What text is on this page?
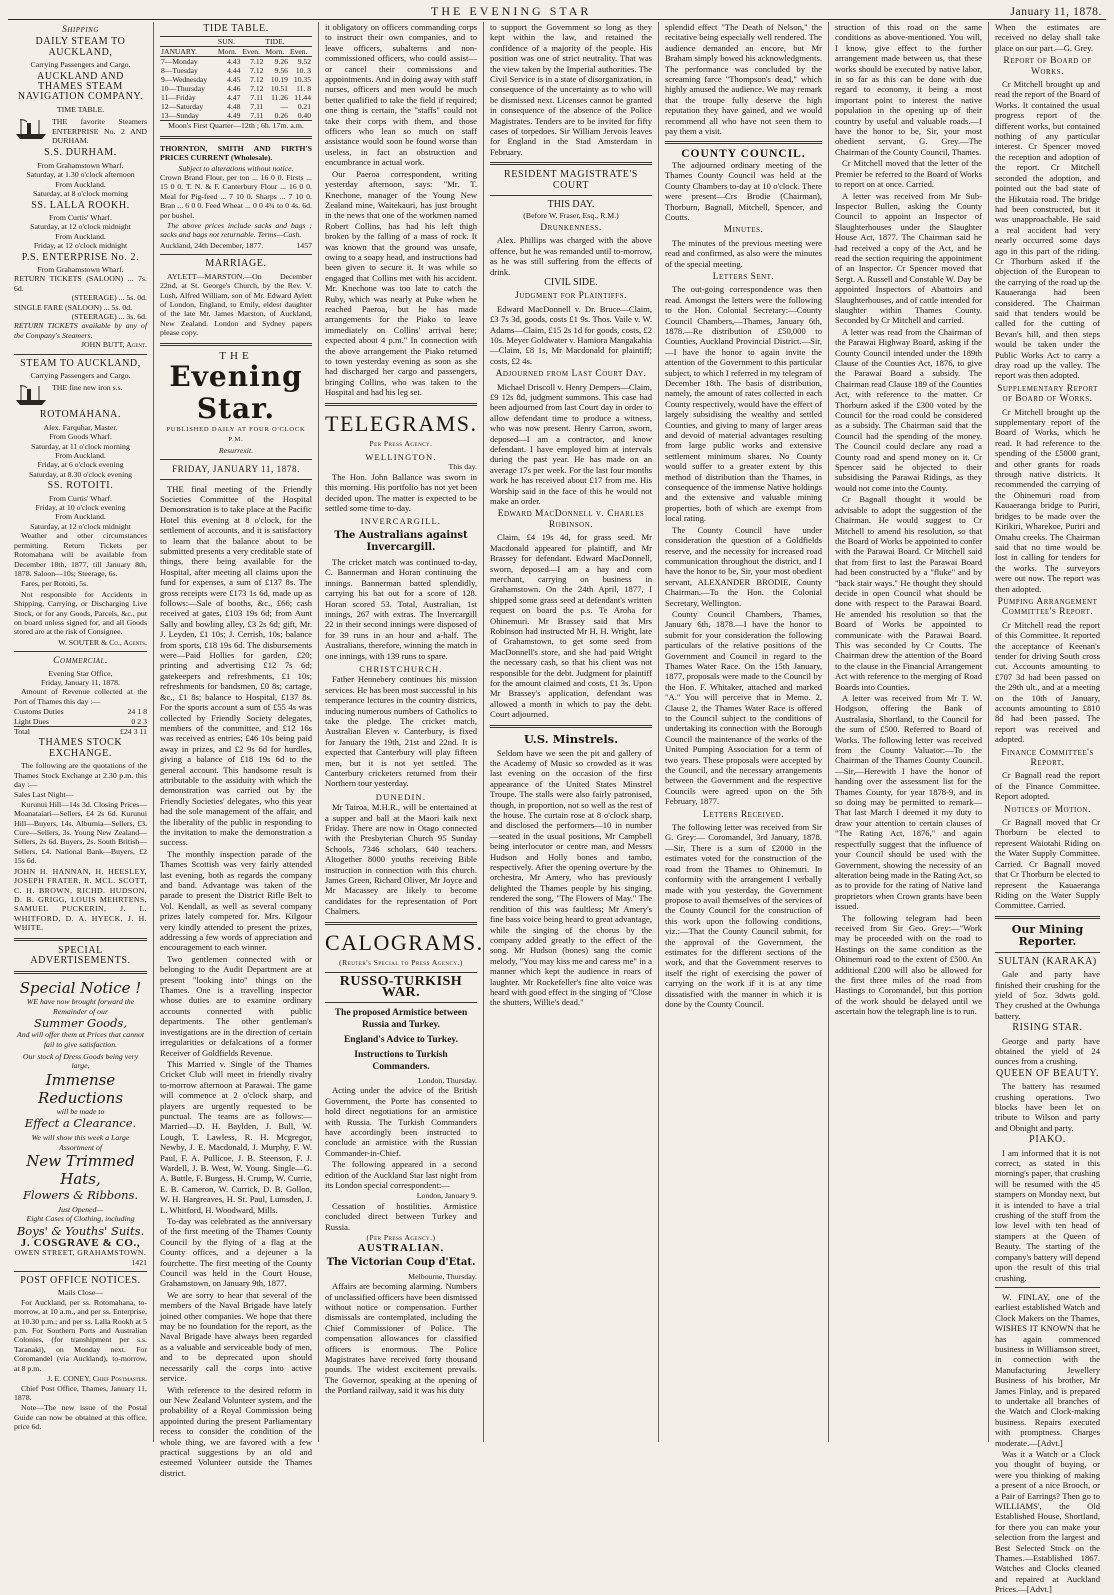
THE EVENING STAR	January 11, 1878.
Shipping
DAILY STEAM TO AUCKLAND,
Carrying Passengers and Cargo.
AUCKLAND AND THAMES STEAM NAVIGATION COMPANY.
TIME TABLE.
THE favorite Steamers ENTERPRISE No. 2 AND DURHAM.
S.S. DURHAM.
From Grahamstown Wharf.
Saturday, at 1.30 o'clock afternoon
From Auckland.
Saturday, at 8 o'clock morning
SS. LALLA ROOKH.
From Curtis' Wharf.
Saturday, at 12 o'clock midnight
From Auckland.
Friday, at 12 o'clock midnight
P.S. ENTERPRISE No. 2.
From Grahamstown Wharf.
RETURN TICKETS (SALOON) ... 7s. 6d.
(STEERAGE) ... 5s. 0d.
SINGLE FARE (SALOON) ... 5s. 0d.
(STEERAGE) ... 3s. 6d.
RETURN TICKETS available by any of the Company's Steamers.
JOHN BUTT, Agent.
STEAM TO AUCKLAND,
Carrying Passengers and Cargo.
THE fine new iron s.s.
ROTOMAHANA.
Alex. Farquhar, Master.
From Goods Wharf.
Saturday, at 11 o'clock morning
From Auckland.
Friday, at 6 o'clock evening
Saturday, at 8.30 o'clock evening
SS. ROTOITI.
From Curtis' Wharf.
Friday, at 10 o'clock evening
From Auckland.
Saturday, at 12 o'clock midnight

Weather and other circumstances permitting. Return Tickets per Rotomahana will be available from December 18th, 1877, till January 8th, 1878. Saloon—10s; Steerage, 6s.

Fares, per Rotoiti, 5s.

Not responsible for Accidents in Shipping, Carrying, or Discharging Live Stock, or for any Goods, Parcels, &c., put on board unless signed for, and all Goods stored are at the risk of Consignee.

W. SOUTER & Co., Agents.
Commercial.
Evening Star Office,
Friday, January 11, 1878.

Amount of Revenue collected at the Port of Thames this day :—

Customs Duties	24 1 8
Light Dues	0 2 3
Total	£24 3 11
THAMES STOCK EXCHANGE.

The following are the quotations of the Thames Stock Exchange at 2.30 p.m. this day :—

Sales Last Night—

Kurunui Hill—14s 3d. Closing Prices— Moanataiari—Sellers, £4 2s 6d. Kurunui Hill—Buyers, 14s. Alburnia—Sellers, £3. Cure—Sellers, 3s. Young New Zealand—Sellers, 2s 6d. Buyers, 2s. South British—Sellers, £4. National Bank—Buyers, £2 15s 6d.

JOHN H. HANNAN, H. HEESLEY, JOSEPH FRATER, R. MCL. SCOTT, C. H. BROWN, RICHD. HUDSON, D. B. GRIGG, LOUIS MEHRTENS, SAMUEL PUCKERIN, J. L. WHITFORD, D. A. HYECK, J. H. WHITE.

SPECIAL ADVERTISEMENTS.
Special Notice !
WE have now brought forward the Remainder of our
Summer Goods,
And will offer them at Prices that cannot fail to give satisfaction.
Our stock of Dress Goods being very large,
Immense Reductions
will be made to
Effect a Clearance.
We will show this week a Large Assortment of
New Trimmed Hats,
Flowers & Ribbons.
Just Opened—
Eight Cases of Clothing, including
Boys' & Youths' Suits.
J. COSGRAVE & CO.,
OWEN STREET, GRAHAMSTOWN.
1421
POST OFFICE NOTICES.
Mails Close—

For Auckland, per ss. Rotomahana, to-morrow, at 10 a.m., and per ss. Enterprise, at 10.30 p.m.; and per ss. Lalla Rookh at 5 p.m. For Southern Ports and Australian Colonies, (for transhipment per s.s. Taranaki), on Monday next. For Coromandel (via Auckland), to-morrow, at 8 p.m.

J. E. CONEY, Chief Postmaster.

Chief Post Office, Thames, January 11, 1878.

Note—The new issue of the Postal Guide can now be obtained at this office, price 6d.

TIDE TABLE.
	SUN.		TIDE.	
JANUARY.	Morn.	Even.	Morn.	Even.
7—Monday	4.43	7.12	9.26	9.52
8—Tuesday	4.44	7.12	9.56	10. 3
9—Wednesday	4.45	7.12	10.19	10.35
10—Thursday	4.46	7.12	10.51	11. 8
11—Friday	4.47	7.11	11.26	11.44
12—Saturday	4.48	7.11	—	0.21
13—Sunday	4.49	7.11	0.26	0.40
Moon's First Quarter—12th ; 6h. 17m. a.m.

THORNTON, SMITH AND FIRTH'S PRICES CURRENT (Wholesale).

Subject to alterations without notice.

Crown Brand Flour, per ton ... 16 0 0. Firsts ... 15 0 0. T. N. & F. Canterbury Flour ... 16 0 0. Meal for Pig-feed ... 7 10 0. Sharps ... 7 10 0. Bran ... 6 0 0. Feed Wheat ... 0 0 4¾ to 0 4s. 6d. per bushel.

The above prices include sacks and bags ; sacks and bags not returnable. Terms—Cash.

Auckland, 24th December, 1877.	1457
MARRIAGE.

AYLETT—MARSTON.—On December 22nd, at St. George's Church, by the Rev. V. Lush, Alfred William, son of Mr. Edward Aylett of London, England, to Emily, eldest daughter of the late Mr. James Marston, of Auckland, New Zealand. London and Sydney papers please copy.

THE
Evening Star.
PUBLISHED DAILY AT FOUR O'CLOCK P.M.
Resurrexit.
FRIDAY, JANUARY 11, 1878.

THE final meeting of the Friendly Societies Committee of the Hospital Demonstration is to take place at the Pacific Hotel this evening at 8 o'clock, for the settlement of accounts, and it is satisfactory to learn that the balance about to be submitted presents a very creditable state of things, there being available for the Hospital, after meeting all claims upon the fund for expenses, a sum of £137 8s. The gross receipts were £173 1s 6d, made up as follows:—Sale of booths, &c., £66; cash received at gates, £103 19s 6d; from Aunt Sally and bowling alley, £3 2s 6d; gift, Mr. J. Leyden, £1 10s; J. Cerrish, 10s; balance from sports, £18 19s 6d. The disbursements were—Paid Hollies for garden, £20; printing and advertising £12 7s 6d; gatekeepers and refreshments, £1 10s; refreshments for bandsmen, £0 8s; cartage, &c., £1 8s; balance to Hospital, £137 8s. For the sports account a sum of £55 4s was collected by Friendly Society delegates, members of the committee, and £12 16s was received as entries; £46 10s being paid away in prizes, and £2 9s 6d for hurdles, giving a balance of £18 19s 6d to the general account. This handsome result is attributable to the assiduity with which the demonstration was carried out by the Friendly Societies' delegates, who this year had the sole management of the affair, and the liberality of the public in responding to the invitation to make the demonstration a success.

The monthly inspection parade of the Thames Scottish was very fairly attended last evening, both as regards the company and band. Advantage was taken of the parade to present the District Rifle Belt to Vol. Kendall, as well as several company prizes lately competed for. Mrs. Kilgour very kindly attended to present the prizes, addressing a few words of appreciation and encouragement to each winner.

Two gentlemen connected with or belonging to the Audit Department are at present "looking into" things on the Thames. One is a travelling inspector whose duties are to examine ordinary accounts connected with public departments. The other gentleman's investigations are in the direction of certain irregularities or defalcations of a former Receiver of Goldfields Revenue.

This Married v. Single of the Thames Cricket Club will meet in friendly rivalry to-morrow afternoon at Parawai. The game will commence at 2 o'clock sharp, and players are urgently requested to be punctual. The teams are as follows:—Married—D. H. Baylden, J. Bull, W. Lough, T. Lawless, R. H. Mcgregor, Newby, J. E. Macdonald, J. Murphy, F. W. Paul, F. A. Pullicoe, J. B. Steenson, F. J. Wardell, J. B. West, W. Young. Single—G. A. Buttle, F. Burgess, H. Crump, W. Currie, E. B. Cameron, W. Currick, D. B. Gollon, W. H. Hargreaves, H. St. Paul, Lumsden, J. L. Whitford, H. Woodward, Mills.

To-day was celebrated as the anniversary of the first meeting of the Thames County Council by the flying of a flag at the County offices, and a dejeuner a la fourchette. The first meeting of the County Council was held in the Court House, Grahamstown, on January 9th, 1877.

We are sorry to hear that several of the members of the Naval Brigade have lately joined other companies. We hope that there may be no foundation for the report, as the Naval Brigade have always been regarded as a valuable and serviceable body of men, and to be deprecated upon should necessarily call the corps into active service.

With reference to the desired reform in our New Zealand Volunteer system, and the probability of a Royal Commission being appointed during the present Parliamentary recess to consider the condition of the whole thing, we are favored with a few practical suggestions by an old and esteemed Volunteer outside the Thames district.

it obligatory on officers commanding corps to instruct their own companies, and to leave officers, subalterns and non-commissioned officers, who could assist—or cancel their commissions and appointments. And in doing away with staff nurses, officers and men would be much better qualified to take the field if required; one thing is certain, the "staffs" could not take their corps with them, and those officers who lean so much on staff assistance would soon be found worse than useless, in fact an obstruction and encumbrance in actual work.

Our Paeroa correspondent, writing yesterday afternoon, says: "Mr. T. Knechone, manager of the Young New Zealand mine, Waitekauri, has just brought in the news that one of the workmen named Robert Collins, has had his left thigh broken by the falling of a mass of rock. It was known that the ground was unsafe, owing to a soapy head, and instructions had been given to secure it. It was while so engaged that Collins met with his accident. Mr. Knechone was too late to catch the Ruby, which was nearly at Puke when he reached Paeroa, but he has made arrangements for the Piako to leave immediately on Collins' arrival here; expected about 4 p.m." In connection with the above arrangement the Piako returned to town yesterday evening as soon as she had discharged her cargo and passengers, bringing Collins, who was taken to the Hospital and had his leg set.

TELEGRAMS.
Per Press Agency.
WELLINGTON.
This day.

The Hon. John Ballance was sworn in this morning. His portfolio has not yet been decided upon. The matter is expected to be settled some time to-day.

INVERCARGILL.
The Australians against Invercargill.

The cricket match was continued to-day, C. Bannerman and Horan continuing the innings. Bannerman batted splendidly, carrying his bat out for a score of 128. Horan scored 53. Total, Australian, 1st innings, 267 with extras. The Invercargill 22 in their second innings were disposed of for 39 runs in an hour and a-half. The Australians, therefore, winning the match in one innings, with 139 runs to spare.

CHRISTCHURCH.

Father Hennebery continues his mission services. He has been most successful in his temperance lectures in the country districts, inducing numerous numbers of Catholics to take the pledge. The cricket match, Australian Eleven v. Canterbury, is fixed for January the 19th, 21st and 22nd. It is expected that Canterbury will play fifteen men, but it is not yet settled. The Canterbury cricketers returned from their Northern tour yesterday.

DUNEDIN.

Mr Tairoa, M.H.R., will be entertained at a supper and ball at the Maori kaik next Friday. There are now in Otago connected with the Presbyterian Church 95 Sunday Schools, 7346 scholars, 640 teachers. Altogether 8000 youths receiving Bible instruction in connection with this church. James Green, Richard Oliver, Mr Joyce and Mr Macassey are likely to become candidates for the representation of Port Chalmers.

CALOGRAMS.
(Reuter's Special to Press Agency.)
RUSSO-TURKISH WAR.
The proposed Armistice between Russia and Turkey.
England's Advice to Turkey.
Instructions to Turkish Commanders.
London, Thursday.

Acting under the advice of the British Government, the Porte has consented to hold direct negotiations for an armistice with Russia. The Turkish Commanders have accordingly been instructed to conclude an armistice with the Russian Commander-in-Chief.

The following appeared in a second edition of the Auckland Star last night from its London special correspondent:—

London, January 9.

Cessation of hostilities. Armistice concluded direct between Turkey and Russia.

(Per Press Agency.)
AUSTRALIAN.
The Victorian Coup d'Etat.
Melbourne, Thursday.

Affairs are becoming alarming. Numbers of unclassified officers have been dismissed without notice or compensation. Further dismissals are contemplated, including the Chief Commissioner of Police. The compensation allowances for classified officers is enormous. The Police Magistrates have received forty thousand pounds. The widest excitement prevails. The Governor, speaking at the opening of the Portland railway, said it was his duty

to support the Government so long as they kept within the law, and retained the confidence of a majority of the people. His position was one of strict neutrality. That was the view taken by the Imperial authorities. The Civil Service is in a state of disorganization, in consequence of the uncertainty as to who will be dismissed next. Licenses cannot be granted in consequence of the absence of the Police Magistrates. Tenders are to be invited for fifty cases of torpedoes. Sir William Jervois leaves for England in the Stad Amsterdam in February.

RESIDENT MAGISTRATE'S COURT
THIS DAY.
(Before W. Fraser, Esq., R.M.)
Drunkenness.

Alex. Phillips was charged with the above offence, but he was remanded until to-morrow, as he was still suffering from the effects of drink.

CIVIL SIDE.
Judgment for Plaintiffs.

Edward MacDonnell v. Dr. Bruce—Claim, £3 7s 3d, goods, costs £1 9s. Thos. Vaile v. W. Adams—Claim, £15 2s 1d for goods, costs, £2 10s. Meyer Goldwater v. Hamiora Mangakahia—Claim, £8 1s, Mr Macdonald for plaintiff; costs, £2 4s.

Adjourned from Last Court Day.

Michael Driscoll v. Henry Dempers—Claim, £9 12s 8d, judgment summons. This case had been adjourned from last Court day in order to allow defendant time to produce a witness, who was now present. Henry Carron, sworn, deposed—I am a contractor, and know defendant. I have employed him at intervals during the past year. He has made on an average 17s per week. For the last four months work he has received about £17 from me. His Worship said in the face of this he would not make an order.

Edward MacDonnell v. Charles Robinson.

Claim, £4 19s 4d, for grass seed. Mr Macdonald appeared for plaintiff, and Mr Brassey for defendant. Edward MacDonnell, sworn, deposed—I am a hay and corn merchant, carrying on business in Grahamstown. On the 24th April, 1877, I shipped some grass seed at defendant's written request on board the p.s. Te Aroha for Ohinemuri. Mr Brassey said that Mrs Robinson had instructed Mr H. H. Wright, late of Grahamstown, to get some seed from MacDonnell's store, and she had paid Wright the necessary cash, so that his client was not responsible for the debt. Judgment for plaintiff for the amount claimed and costs, £1 3s. Upon Mr Brassey's application, defendant was allowed a month in which to pay the debt. Court adjourned.

U.S. Minstrels.

Seldom have we seen the pit and gallery of the Academy of Music so crowded as it was last evening on the occasion of the first appearance of the United States Minstrel Troupe. The stalls were also fairly patronised, though, in proportion, not so well as the rest of the house. The curtain rose at 8 o'clock sharp, and disclosed the performers—10 in number—seated in the usual positions, Mr Campbell being interlocutor or centre man, and Messrs Hudson and Holly bones and tambo, respectively. After the opening overture by the orchestra, Mr Amery, who has previously delighted the Thames people by his singing, rendered the song, "The Flowers of May." The rendition of this was faultless; Mr Amery's fine bass voice being heard to great advantage, while the singing of the chorus by the company added greatly to the effect of the song. Mr Hudson (bones) sang the comic melody, "You may kiss me and caress me" in a manner which kept the audience in roars of laughter. Mr Rockefeller's fine alto voice was heard with good effect in the singing of "Close the shutters, Willie's dead."

splendid effect "The Death of Nelson," the recitative being especially well rendered. The audience demanded an encore, but Mr Braham simply bowed his acknowledgments. The performance was concluded by the screaming farce "Thompson's dead," which highly amused the audience. We may remark that the troupe fully deserve the high reputation they have gained, and we would recommend all who have not seen them to pay them a visit.

COUNTY COUNCIL.

The adjourned ordinary meeting of the Thames County Council was held at the County Chambers to-day at 10 o'clock. There were present—Crs Brodie (Chairman), Thorburn, Bagnall, Mitchell, Spencer, and Coutts.

Minutes.

The minutes of the previous meeting were read and confirmed, as also were the minutes of the special meeting.

Letters Sent.

The out-going correspondence was then read. Amongst the letters were the following to the Hon. Colonial Secretary:—County Council Chambers,—Thames, January 6th, 1878.—Re distribution of £50,000 to Counties, Auckland Provincial District.—Sir,—I have the honor to again invite the attention of the Government to this particular subject, to which I referred in my telegram of December 18th. The basis of distribution, namely, the amount of rates collected in each County respectively, would have the effect of largely subsidising the wealthy and settled Counties, and giving to many of larger areas and devoid of material advantages resulting from large public works and extensive settlement minimum shares. No County would suffer to a greater extent by this method of distribution than the Thames, in consequence of the immense Native holdings and the extensive and valuable mining properties, both of which are exempt from local rating.

The County Council have under consideration the question of a Goldfields reserve, and the necessity for increased road communication throughout the district, and I have the honor to be, Sir, your most obedient servant, ALEXANDER BRODIE, County Chairman.—To the Hon. the Colonial Secretary, Wellington.

County Council Chambers, Thames, January 6th, 1878.—I have the honor to submit for your consideration the following particulars of the relative positions of the Government and Council in regard to the Thames Water Race. On the 15th January, 1877, proposals were made to the Council by the Hon. F. Whitaker, attached and marked "A." You will perceive that in Memo. 2, Clause 2, the Thames Water Race is offered to the Council subject to the conditions of undertaking its connection with the Borough Council the maintenance of the works of the United Pumping Association for a term of two years. These proposals were accepted by the Council, and the necessary arrangements between the Government and the respective Councils were agreed upon on the 5th February, 1877.

Letters Received.

The following letter was received from Sir G. Grey:— Coromandel, 3rd January, 1878.—Sir, There is a sum of £2000 in the estimates voted for the construction of the road from the Thames to Ohinemuri. In conformity with the arrangement I verbally made with you yesterday, the Government propose to avail themselves of the services of the County Council for the construction of this work upon the following conditions, viz.:—That the County Council submit, for the approval of the Government, the estimates for the different sections of the work, and that the Government reserves to itself the right of exercising the power of carrying on the work if it is at any time dissatisfied with the manner in which it is done by the County Council.

struction of this road on the same conditions as above-mentioned. You will, I know, give effect to the further arrangement made between us, that these works should be executed by native labor, in so far as this can be done with due regard to economy, it being a most important point to interest the native population in the opening up of their country by useful and valuable roads.—I have the honor to be, Sir, your most obedient servant, G. Grey.—The Chairman of the County Council, Thames.

Cr Mitchell moved that the letter of the Premier be referred to the Board of Works to report on at once. Carried.

A letter was received from Mr Sub-Inspector Bullen, asking the County Council to appoint an Inspector of Slaughterhouses under the Slaughter House Act, 1877. The Chairman said he had received a copy of the Act, and he read the section requiring the appointment of an Inspector. Cr Spencer moved that Sergt. A. Russell and Constable W. Day be appointed Inspectors of Abattoirs and Slaughterhouses, and of cattle intended for slaughter within Thames County. Seconded by Cr Mitchell and carried.

A letter was read from the Chairman of the Parawai Highway Board, asking if the County Council intended under the 189th Clause of the Counties Act, 1876, to give the Parawai Board a subsidy. The Chairman read Clause 189 of the Counties Act, with reference to the matter. Cr Thorburn asked if the £300 voted by the Council for the road could be considered as a subsidy. The Chairman said that the Council had the spending of the money. The Council could declare any road a County road and spend money on it. Cr Spencer said he objected to their subsidising the Parawai Ridings, as they would not come into the County.

Cr Bagnall thought it would be advisable to adopt the suggestion of the Chairman. He would suggest to Cr Mitchell to amend his resolution, so that the Board of Works be appointed to confer with the Parawai Board. Cr Mitchell said that from first to last the Parawai Board had been constructed by a "fluke" and by "back stair ways." He thought they should decide in open Council what should be done with respect to the Parawai Board. He amended his resolution so that the Board of Works be appointed to communicate with the Parawai Board. This was seconded by Cr Coutts. The Chairman drew the attention of the Board to the clause in the Financial Arrangement Act with reference to the merging of Road Boards into Counties.

A letter was received from Mr T. W. Hodgson, offering the Bank of Australasia, Shortland, to the Council for the sum of £500. Referred to Board of Works. The following letter was received from the County Valuator:—To the Chairman of the Thames County Council.—Sir,—Herewith I have the honor of handing over the assessment list for the Thames County, for year 1878-9, and in so doing may be permitted to remark—That last March I deemed it my duty to draw your attention to certain clauses of "The Rating Act, 1876," and again respectfully suggest that the influence of your Council should be used with the Government, showing the necessity of an alteration being made in the Rating Act, so as to provide for the rating of Native land proprietors when Crown grants have been issued.

The following telegram had been received from Sir Geo. Grey:—"Work may be proceeded with on the road to Hastings on the same condition as the Ohinemuri road to the extent of £500. An additional £200 will also be allowed for the first three miles of the road from Hastings to Coromandel, but this portion of the work should be delayed until we ascertain how the telegraph line is to run.

When the estimates are received no delay shall take place on our part.—G. Grey.

Report of Board of Works.

Cr Mitchell brought up and read the report of the Board of Works. It contained the usual progress report of the different works, but contained nothing of any particular interest. Cr Spencer moved the reception and adoption of the report. Cr Mitchell seconded the adoption, and pointed out the bad state of the Hikutaia road. The bridge had been constructed, but it was unapproachable. He said a real accident had very nearly occurred some days ago in this part of the riding. Cr Thorburn asked if the objection of the European to the carrying of the road up the Kauaeranga had been considered. The Chairman said that tenders would be called for the cutting of Bevan's hill, and then steps would be taken under the Public Works Act to carry a dray road up the valley. The report was then adopted.

Supplementary Report of Board of Works.

Cr Mitchell brought up the supplementary report of the Board of Works, which he read. It had reference to the spending of the £5000 grant, and other grants for roads through native districts. It recommended the carrying of the Ohinemuri road from Kauaeranga bridge to Puriri, bridges to be made over the Kirikiri, Wharekoe, Puriri and Omahu creeks. The Chairman said that no time would be lost in calling for tenders for the works. The surveyors were out now. The report was then adopted.

Pumping Arrangement Committee's Report.

Cr Mitchell read the report of this Committee. It reported the acceptance of Keenan's tender for driving South cross cut. Accounts amounting to £707 3d had been passed on the 29th ult., and at a meeting on the 10th of January, accounts amounting to £810 8d had been passed. The report was received and adopted.

Finance Committee's Report.

Cr Bagnall read the report of the Finance Committee. Report adopted.

Notices of Motion.

Cr Bagnall moved that Cr Thorburn be elected to represent Waiotahi Riding on the Water Supply Committee. Carried. Cr Bagnall moved that Cr Thorburn be elected to represent the Kauaeranga Riding on the Water Supply Committee. Carried.

Our Mining Reporter.
SULTAN (KARAKA)

Gale and party have finished their crushing for the yield of 5oz. 3dwts gold. They crushed at the Owhunga battery.

RISING STAR.

George and party have obtained the yield of 24 ounces from a crushing.

QUEEN OF BEAUTY.

The battery has resumed crushing operations. Two blocks have been let on tribute to Wilson and party and Obnight and party.

PIAKO.

I am informed that it is not correct, as stated in this morning's paper, that crushing will be resumed with the 45 stampers on Monday next, but it is intended to have a trial crushing of the stuff from the low level with ten head of stampers at the Queen of Beauty. The starting of the company's battery will depend upon the result of this trial crushing.

W. FINLAY, one of the earliest established Watch and Clock Makers on the Thames, WISHES IT KNOWN that he has again commenced business in Williamson street, in connection with the Manufacturing Jewellery Business of his brother, Mr James Finlay, and is prepared to undertake all branches of the Watch and Clock-making business. Repairs executed with promptness. Charges moderate.—[Advt.]

Was it a Watch or a Clock you thought of buying, or were you thinking of making a present of a nice Brooch, or a Pair of Earrings? Then go to WILLIAMS', the Old Established House, Shortland, for there you can make your selection from the largest and Best Selected Stock on the Thames.—Established 1867. Watches and Clocks cleaned and repaired at Auckland Prices.—[Advt.]
